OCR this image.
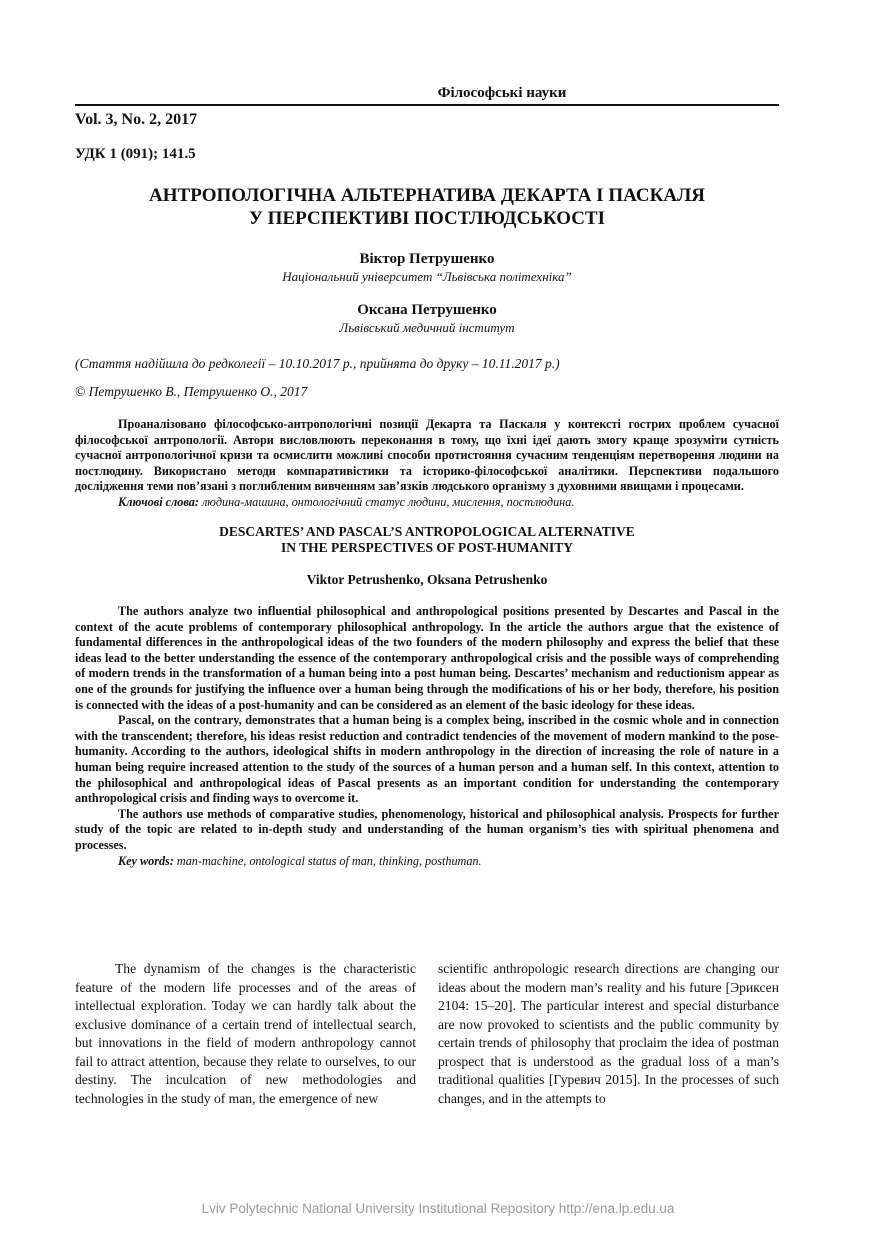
Філософські науки
Vol. 3, No. 2, 2017
УДК 1 (091); 141.5
АНТРОПОЛОГІЧНА АЛЬТЕРНАТИВА ДЕКАРТА І ПАСКАЛЯ
У ПЕРСПЕКТИВІ ПОСТЛЮДСЬКОСТІ
Віктор Петрушенко
Національний університет “Львівська політехніка”
Оксана Петрушенко
Львівський медичний інститут
(Стаття надійшла до редколегії – 10.10.2017 р., прийнята до друку – 10.11.2017 р.)
© Петрушенко В., Петрушенко О., 2017
Проаналізовано філософсько-антропологічні позиції Декарта та Паскаля у контексті гострих проблем сучасної філософської антропології. Автори висловлюють переконання в тому, що їхні ідеї дають змогу краще зрозуміти сутність сучасної антропологічної кризи та осмислити можливі способи протистояння сучасним тенденціям перетворення людини на постлюдину. Використано методи компаративістики та історико-філософської аналітики. Перспективи подальшого дослідження теми пов’язані з поглибленим вивченням зав’язків людського організму з духовними явищами і процесами.
Ключові слова: людина-машина, онтологічний статус людини, мислення, постлюдина.
DESCARTES’ AND PASCAL’S ANTROPOLOGICAL ALTERNATIVE
IN THE PERSPECTIVES OF POST-HUMANITY
Viktor Petrushenko, Oksana Petrushenko
The authors analyze two influential philosophical and anthropological positions presented by Descartes and Pascal in the context of the acute problems of contemporary philosophical anthropology. In the article the authors argue that the existence of fundamental differences in the anthropological ideas of the two founders of the modern philosophy and express the belief that these ideas lead to the better understanding the essence of the contemporary anthropological crisis and the possible ways of comprehending of modern trends in the transformation of a human being into a post human being. Descartes’ mechanism and reductionism appear as one of the grounds for justifying the influence over a human being through the modifications of his or her body, therefore, his position is connected with the ideas of a post-humanity and can be considered as an element of the basic ideology for these ideas.
Pascal, on the contrary, demonstrates that a human being is a complex being, inscribed in the cosmic whole and in connection with the transcendent; therefore, his ideas resist reduction and contradict tendencies of the movement of modern mankind to the pose-humanity. According to the authors, ideological shifts in modern anthropology in the direction of increasing the role of nature in a human being require increased attention to the study of the sources of a human person and a human self. In this context, attention to the philosophical and anthropological ideas of Pascal presents as an important condition for understanding the contemporary anthropological crisis and finding ways to overcome it.
The authors use methods of comparative studies, phenomenology, historical and philosophical analysis. Prospects for further study of the topic are related to in-depth study and understanding of the human organism’s ties with spiritual phenomena and processes.
Key words: man-machine, ontological status of man, thinking, posthuman.

The dynamism of the changes is the characteristic feature of the modern life processes and of the areas of intellectual exploration. Today we can hardly talk about the exclusive dominance of a certain trend of intellectual search, but innovations in the field of modern anthropology cannot fail to attract attention, because they relate to ourselves, to our destiny. The inculcation of new methodologies and technologies in the study of man, the emergence of new

scientific anthropologic research directions are changing our ideas about the modern man’s reality and his future [Эриксен 2104: 15–20]. The particular interest and special disturbance are now provoked to scientists and the public community by certain trends of philosophy that proclaim the idea of postman prospect that is understood as the gradual loss of a man’s traditional qualities [Гуревич 2015]. In the processes of such changes, and in the attempts to

Lviv Polytechnic National University Institutional Repository http://ena.lp.edu.ua
